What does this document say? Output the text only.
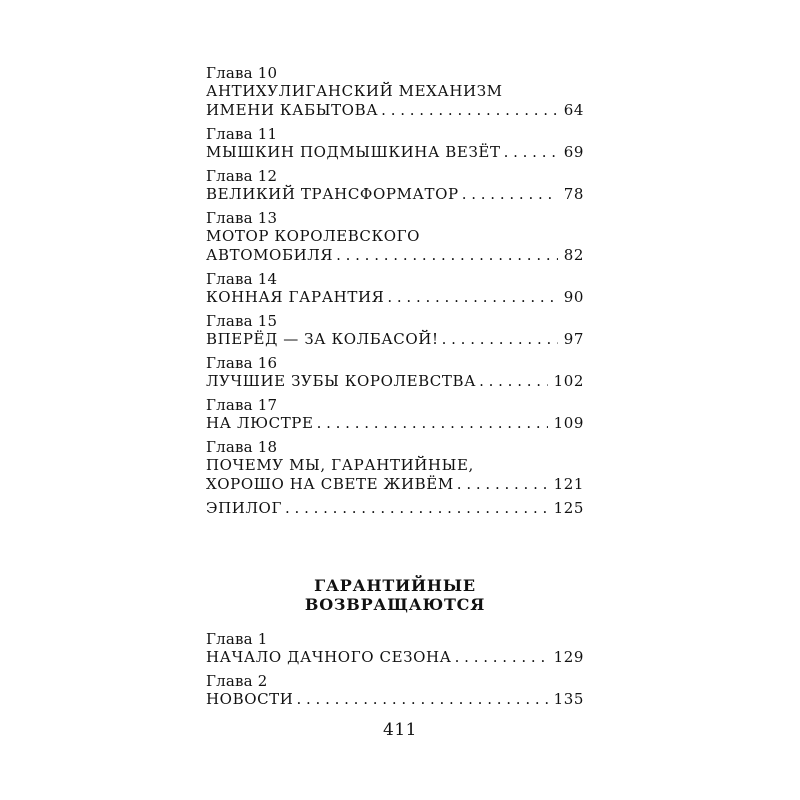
Глава 10
АНТИХУЛИГАНСКИЙ МЕХАНИЗМ
ИМЕНИ КАБЫТОВА . . .	64
Глава 11
МЫШКИН ПОДМЫШКИНА ВЕЗЁТ . . .	69
Глава 12
ВЕЛИКИЙ ТРАНСФОРМАТОР . . .	78
Глава 13
МОТОР КОРОЛЕВСКОГО
АВТОМОБИЛЯ . . .	82
Глава 14
КОННАЯ ГАРАНТИЯ . . .	90
Глава 15
ВПЕРЁД — ЗА КОЛБАСОЙ! . . .	97
Глава 16
ЛУЧШИЕ ЗУБЫ КОРОЛЕВСТВА . . .	102
Глава 17
НА ЛЮСТРЕ . . .	109
Глава 18
ПОЧЕМУ МЫ, ГАРАНТИЙНЫЕ,
ХОРОШО НА СВЕТЕ ЖИВЁМ . . .	121
ЭПИЛОГ . . .	125
ГАРАНТИЙНЫЕ
ВОЗВРАЩАЮТСЯ
Глава 1
НАЧАЛО ДАЧНОГО СЕЗОНА . . .	129
Глава 2
НОВОСТИ . . .	135
411
